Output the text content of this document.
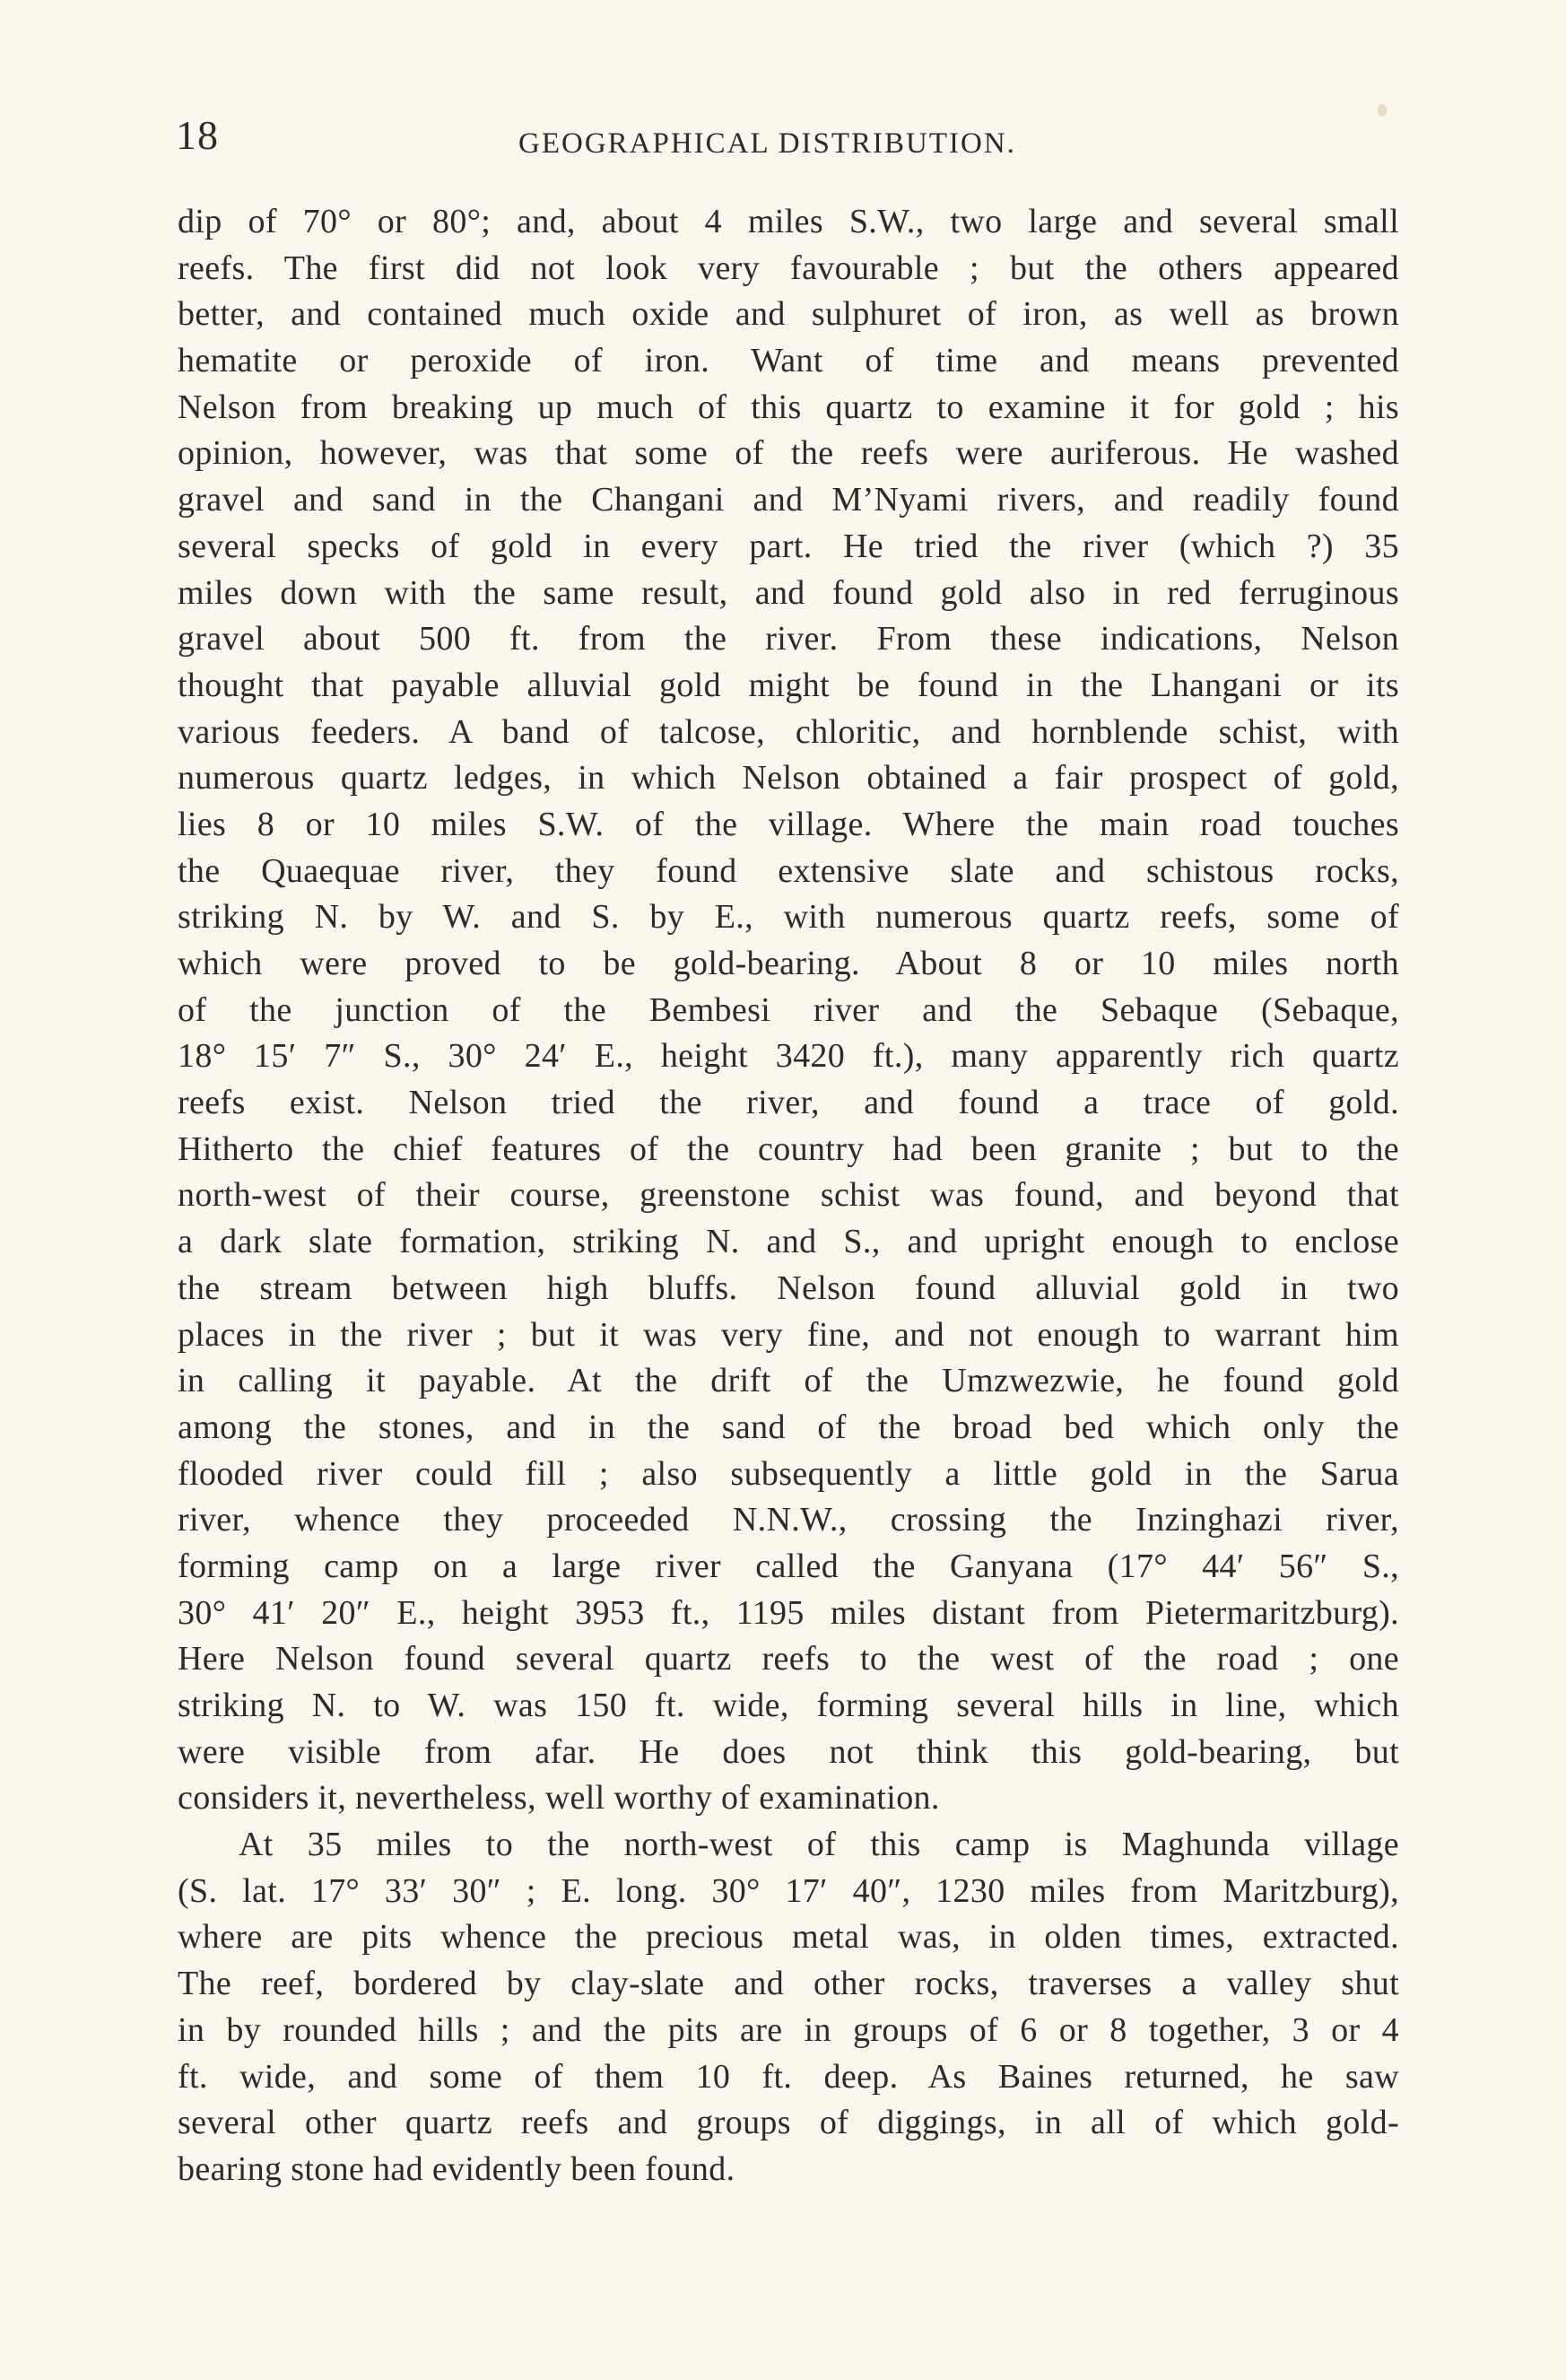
18	GEOGRAPHICAL DISTRIBUTION.
dip of 70° or 80°; and, about 4 miles S.W., two large and several small
reefs. The first did not look very favourable ; but the others appeared
better, and contained much oxide and sulphuret of iron, as well as brown
hematite or peroxide of iron. Want of time and means prevented
Nelson from breaking up much of this quartz to examine it for gold ; his
opinion, however, was that some of the reefs were auriferous. He washed
gravel and sand in the Changani and M’Nyami rivers, and readily found
several specks of gold in every part. He tried the river (which ?) 35
miles down with the same result, and found gold also in red ferruginous
gravel about 500 ft. from the river. From these indications, Nelson
thought that payable alluvial gold might be found in the Lhangani or its
various feeders. A band of talcose, chloritic, and hornblende schist, with
numerous quartz ledges, in which Nelson obtained a fair prospect of gold,
lies 8 or 10 miles S.W. of the village. Where the main road touches
the Quaequae river, they found extensive slate and schistous rocks,
striking N. by W. and S. by E., with numerous quartz reefs, some of
which were proved to be gold-bearing. About 8 or 10 miles north
of the junction of the Bembesi river and the Sebaque (Sebaque,
18° 15′ 7″ S., 30° 24′ E., height 3420 ft.), many apparently rich quartz
reefs exist. Nelson tried the river, and found a trace of gold.
Hitherto the chief features of the country had been granite ; but to the
north-west of their course, greenstone schist was found, and beyond that
a dark slate formation, striking N. and S., and upright enough to enclose
the stream between high bluffs. Nelson found alluvial gold in two
places in the river ; but it was very fine, and not enough to warrant him
in calling it payable. At the drift of the Umzwezwie, he found gold
among the stones, and in the sand of the broad bed which only the
flooded river could fill ; also subsequently a little gold in the Sarua
river, whence they proceeded N.N.W., crossing the Inzinghazi river,
forming camp on a large river called the Ganyana (17° 44′ 56″ S.,
30° 41′ 20″ E., height 3953 ft., 1195 miles distant from Pietermaritzburg).
Here Nelson found several quartz reefs to the west of the road ; one
striking N. to W. was 150 ft. wide, forming several hills in line, which
were visible from afar. He does not think this gold-bearing, but
considers it, nevertheless, well worthy of examination.
At 35 miles to the north-west of this camp is Maghunda village
(S. lat. 17° 33′ 30″ ; E. long. 30° 17′ 40″, 1230 miles from Maritzburg),
where are pits whence the precious metal was, in olden times, extracted.
The reef, bordered by clay-slate and other rocks, traverses a valley shut
in by rounded hills ; and the pits are in groups of 6 or 8 together, 3 or 4
ft. wide, and some of them 10 ft. deep. As Baines returned, he saw
several other quartz reefs and groups of diggings, in all of which gold-
bearing stone had evidently been found.
